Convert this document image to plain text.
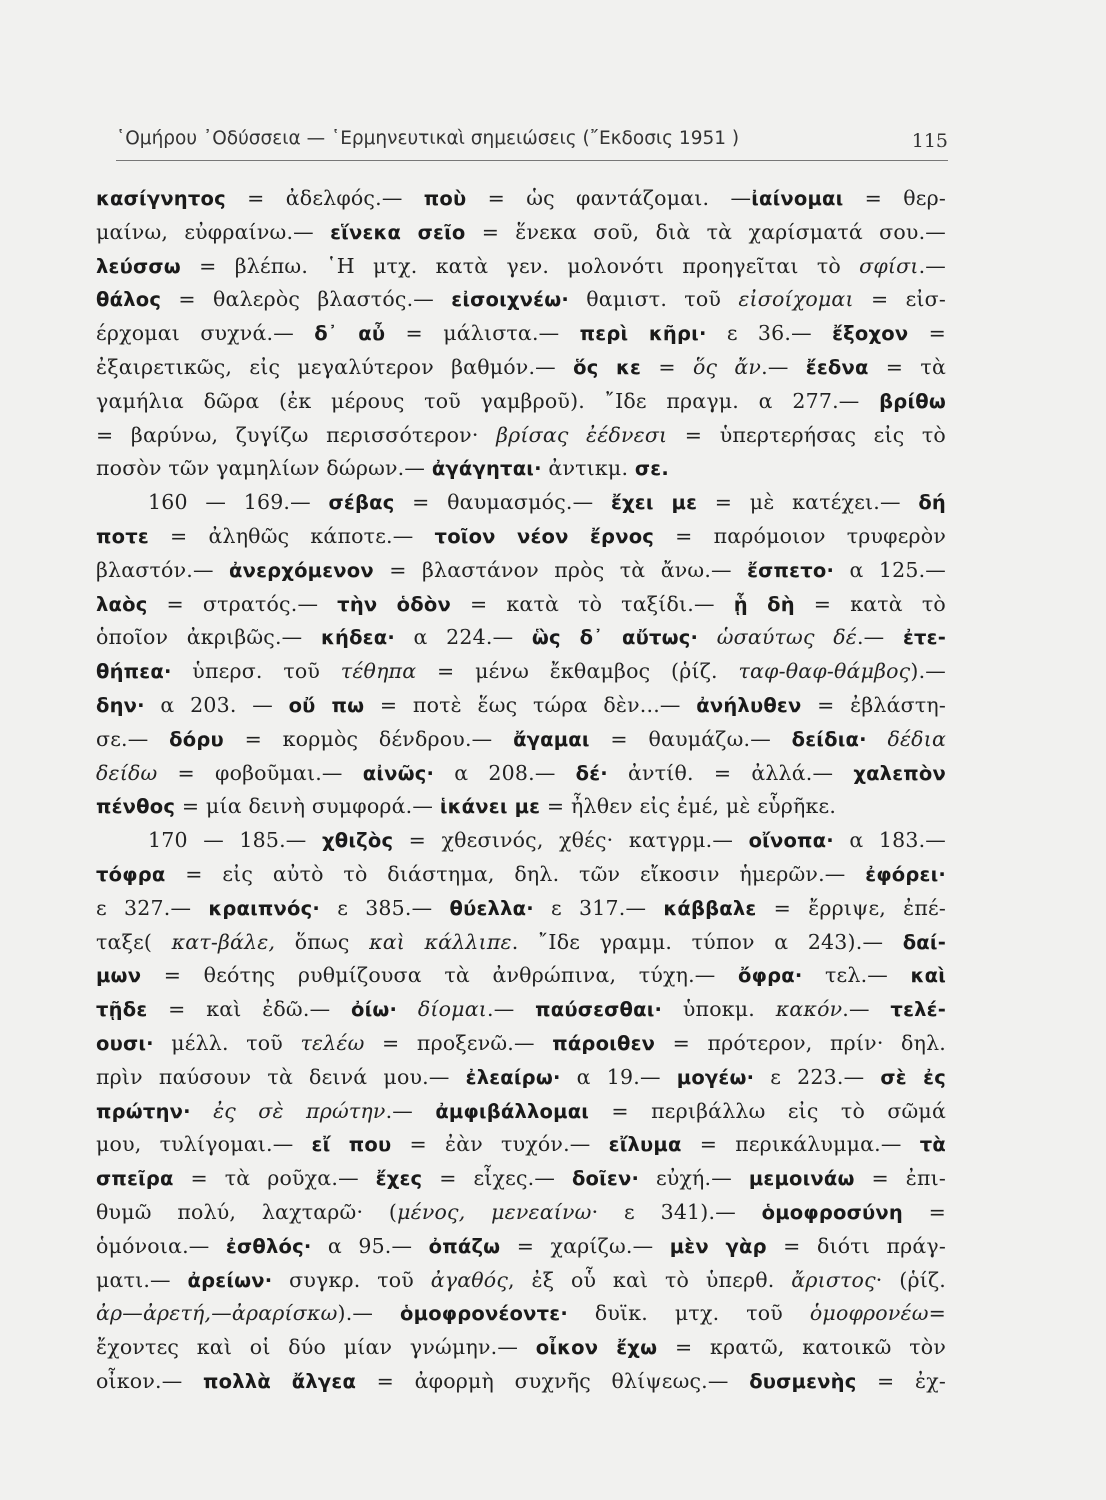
῾Ομήρου ᾿Οδύσσεια — ῾Ερμηνευτικαὶ σημειώσεις (῎Εκδοσις 1951 )	115
κασίγνητος = ἀδελφός.— ποὺ = ὡς φαντάζομαι. —ἰαίνομαι = θερ-
μαίνω, εὐφραίνω.— εἵνεκα σεῖο = ἕνεκα σοῦ, διὰ τὰ χαρίσματά σου.—
λεύσσω = βλέπω. ῾Η μτχ. κατὰ γεν. μολονότι προηγεῖται τὸ σφίσι.—
θάλος = θαλερὸς βλαστός.— εἰσοιχνέω· θαμιστ. τοῦ εἰσοίχομαι = εἰσ-
έρχομαι συχνά.— δ᾿ αὖ = μάλιστα.— περὶ κῆρι· ε 36.— ἔξοχον =
ἐξαιρετικῶς, εἰς μεγαλύτερον βαθμόν.— ὅς κε = ὅς ἄν.— ἔεδνα = τὰ
γαμήλια δῶρα (ἐκ μέρους τοῦ γαμβροῦ). ῎Ιδε πραγμ. α 277.— βρίθω
= βαρύνω, ζυγίζω περισσότερον· βρίσας ἐέδνεσι = ὑπερτερήσας εἰς τὸ
ποσὸν τῶν γαμηλίων δώρων.— ἀγάγηται· ἀντικμ. σε.
160 — 169.— σέβας = θαυμασμός.— ἔχει με = μὲ κατέχει.— δή
ποτε = ἀληθῶς κάποτε.— τοῖον νέον ἔρνος = παρόμοιον τρυφερὸν
βλαστόν.— ἀνερχόμενον = βλαστάνον πρὸς τὰ ἄνω.— ἔσπετο· α 125.—
λαὸς = στρατός.— τὴν ὁδὸν = κατὰ τὸ ταξίδι.— ᾗ δὴ = κατὰ τὸ
ὁποῖον ἀκριβῶς.— κήδεα· α 224.— ὣς δ᾿ αὔτως· ὡσαύτως δέ.— ἐτε-
θήπεα· ὑπερσ. τοῦ τέθηπα = μένω ἔκθαμβος (ῥίζ. ταφ-θαφ-θάμβος).—
δην· α 203. — οὔ πω = ποτὲ ἕως τώρα δὲν...— ἀνήλυθεν = ἐβλάστη-
σε.— δόρυ = κορμὸς δένδρου.— ἄγαμαι = θαυμάζω.— δείδια· δέδια
δείδω = φοβοῦμαι.— αἰνῶς· α 208.— δέ· ἀντίθ. = ἀλλά.— χαλεπὸν
πένθος = μία δεινὴ συμφορά.— ἱκάνει με = ἦλθεν εἰς ἐμέ, μὲ εὗρῆκε.
170 — 185.— χθιζὸς = χθεσινός, χθές· κατγρμ.— οἴνοπα· α 183.—
τόφρα = εἰς αὐτὸ τὸ διάστημα, δηλ. τῶν εἴκοσιν ἡμερῶν.— ἐφόρει·
ε 327.— κραιπνός· ε 385.— θύελλα· ε 317.— κάββαλε = ἔρριψε, ἐπέ-
ταξε( κατ-βάλε, ὅπως καὶ κάλλιπε. ῎Ιδε γραμμ. τύπον α 243).— δαί-
μων = θεότης ρυθμίζουσα τὰ ἀνθρώπινα, τύχη.— ὄφρα· τελ.— καὶ
τῇδε = καὶ ἐδῶ.— ὀίω· δίομαι.— παύσεσθαι· ὑποκμ. κακόν.— τελέ-
ουσι· μέλλ. τοῦ τελέω = προξενῶ.— πάροιθεν = πρότερον, πρίν· δηλ.
πρὶν παύσουν τὰ δεινά μου.— ἐλεαίρω· α 19.— μογέω· ε 223.— σὲ ἐς
πρώτην· ἐς σὲ πρώτην.— ἀμφιβάλλομαι = περιβάλλω εἰς τὸ σῶμά
μου, τυλίγομαι.— εἴ που = ἐὰν τυχόν.— εἴλυμα = περικάλυμμα.— τὰ
σπεῖρα = τὰ ροῦχα.— ἔχες = εἶχες.— δοῖεν· εὐχή.— μεμοινάω = ἐπι-
θυμῶ πολύ, λαχταρῶ· (μένος, μενεαίνω· ε 341).— ὁμοφροσύνη =
ὁμόνοια.— ἐσθλός· α 95.— ὀπάζω = χαρίζω.— μὲν γὰρ = διότι πράγ-
ματι.— ἀρείων· συγκρ. τοῦ ἀγαθός, ἐξ οὗ καὶ τὸ ὑπερθ. ἄριστος· (ῥίζ.
ἀρ—ἀρετή,—ἀραρίσκω).— ὁμοφρονέοντε· δυϊκ. μτχ. τοῦ ὁμοφρονέω=
ἔχοντες καὶ οἱ δύο μίαν γνώμην.— οἶκον ἔχω = κρατῶ, κατοικῶ τὸν
οἶκον.— πολλὰ ἄλγεα = ἀφορμὴ συχνῆς θλίψεως.— δυσμενὴς = ἐχ-
